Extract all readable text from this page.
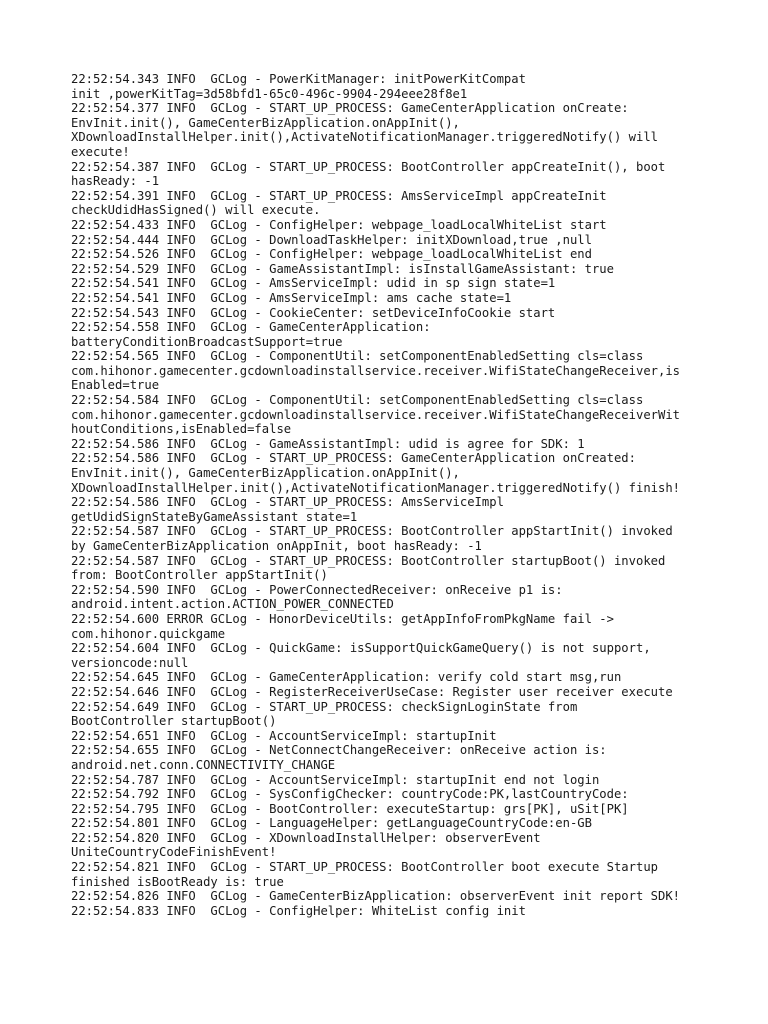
22:52:54.343 INFO  GCLog - PowerKitManager: initPowerKitCompat
init ,powerKitTag=3d58bfd1-65c0-496c-9904-294eee28f8e1
22:52:54.377 INFO  GCLog - START_UP_PROCESS: GameCenterApplication onCreate:
EnvInit.init(), GameCenterBizApplication.onAppInit(),
XDownloadInstallHelper.init(),ActivateNotificationManager.triggeredNotify() will
execute!
22:52:54.387 INFO  GCLog - START_UP_PROCESS: BootController appCreateInit(), boot
hasReady: -1
22:52:54.391 INFO  GCLog - START_UP_PROCESS: AmsServiceImpl appCreateInit
checkUdidHasSigned() will execute.
22:52:54.433 INFO  GCLog - ConfigHelper: webpage_loadLocalWhiteList start
22:52:54.444 INFO  GCLog - DownloadTaskHelper: initXDownload,true ,null
22:52:54.526 INFO  GCLog - ConfigHelper: webpage_loadLocalWhiteList end
22:52:54.529 INFO  GCLog - GameAssistantImpl: isInstallGameAssistant: true
22:52:54.541 INFO  GCLog - AmsServiceImpl: udid in sp sign state=1
22:52:54.541 INFO  GCLog - AmsServiceImpl: ams cache state=1
22:52:54.543 INFO  GCLog - CookieCenter: setDeviceInfoCookie start
22:52:54.558 INFO  GCLog - GameCenterApplication:
batteryConditionBroadcastSupport=true
22:52:54.565 INFO  GCLog - ComponentUtil: setComponentEnabledSetting cls=class
com.hihonor.gamecenter.gcdownloadinstallservice.receiver.WifiStateChangeReceiver,is
Enabled=true
22:52:54.584 INFO  GCLog - ComponentUtil: setComponentEnabledSetting cls=class
com.hihonor.gamecenter.gcdownloadinstallservice.receiver.WifiStateChangeReceiverWit
houtConditions,isEnabled=false
22:52:54.586 INFO  GCLog - GameAssistantImpl: udid is agree for SDK: 1
22:52:54.586 INFO  GCLog - START_UP_PROCESS: GameCenterApplication onCreated:
EnvInit.init(), GameCenterBizApplication.onAppInit(),
XDownloadInstallHelper.init(),ActivateNotificationManager.triggeredNotify() finish!
22:52:54.586 INFO  GCLog - START_UP_PROCESS: AmsServiceImpl
getUdidSignStateByGameAssistant state=1
22:52:54.587 INFO  GCLog - START_UP_PROCESS: BootController appStartInit() invoked
by GameCenterBizApplication onAppInit, boot hasReady: -1
22:52:54.587 INFO  GCLog - START_UP_PROCESS: BootController startupBoot() invoked
from: BootController appStartInit()
22:52:54.590 INFO  GCLog - PowerConnectedReceiver: onReceive p1 is:
android.intent.action.ACTION_POWER_CONNECTED
22:52:54.600 ERROR GCLog - HonorDeviceUtils: getAppInfoFromPkgName fail ->
com.hihonor.quickgame
22:52:54.604 INFO  GCLog - QuickGame: isSupportQuickGameQuery() is not support,
versioncode:null
22:52:54.645 INFO  GCLog - GameCenterApplication: verify cold start msg,run
22:52:54.646 INFO  GCLog - RegisterReceiverUseCase: Register user receiver execute
22:52:54.649 INFO  GCLog - START_UP_PROCESS: checkSignLoginState from
BootController startupBoot()
22:52:54.651 INFO  GCLog - AccountServiceImpl: startupInit
22:52:54.655 INFO  GCLog - NetConnectChangeReceiver: onReceive action is:
android.net.conn.CONNECTIVITY_CHANGE
22:52:54.787 INFO  GCLog - AccountServiceImpl: startupInit end not login
22:52:54.792 INFO  GCLog - SysConfigChecker: countryCode:PK,lastCountryCode:
22:52:54.795 INFO  GCLog - BootController: executeStartup: grs[PK], uSit[PK]
22:52:54.801 INFO  GCLog - LanguageHelper: getLanguageCountryCode:en-GB
22:52:54.820 INFO  GCLog - XDownloadInstallHelper: observerEvent
UniteCountryCodeFinishEvent!
22:52:54.821 INFO  GCLog - START_UP_PROCESS: BootController boot execute Startup
finished isBootReady is: true
22:52:54.826 INFO  GCLog - GameCenterBizApplication: observerEvent init report SDK!
22:52:54.833 INFO  GCLog - ConfigHelper: WhiteList config init
